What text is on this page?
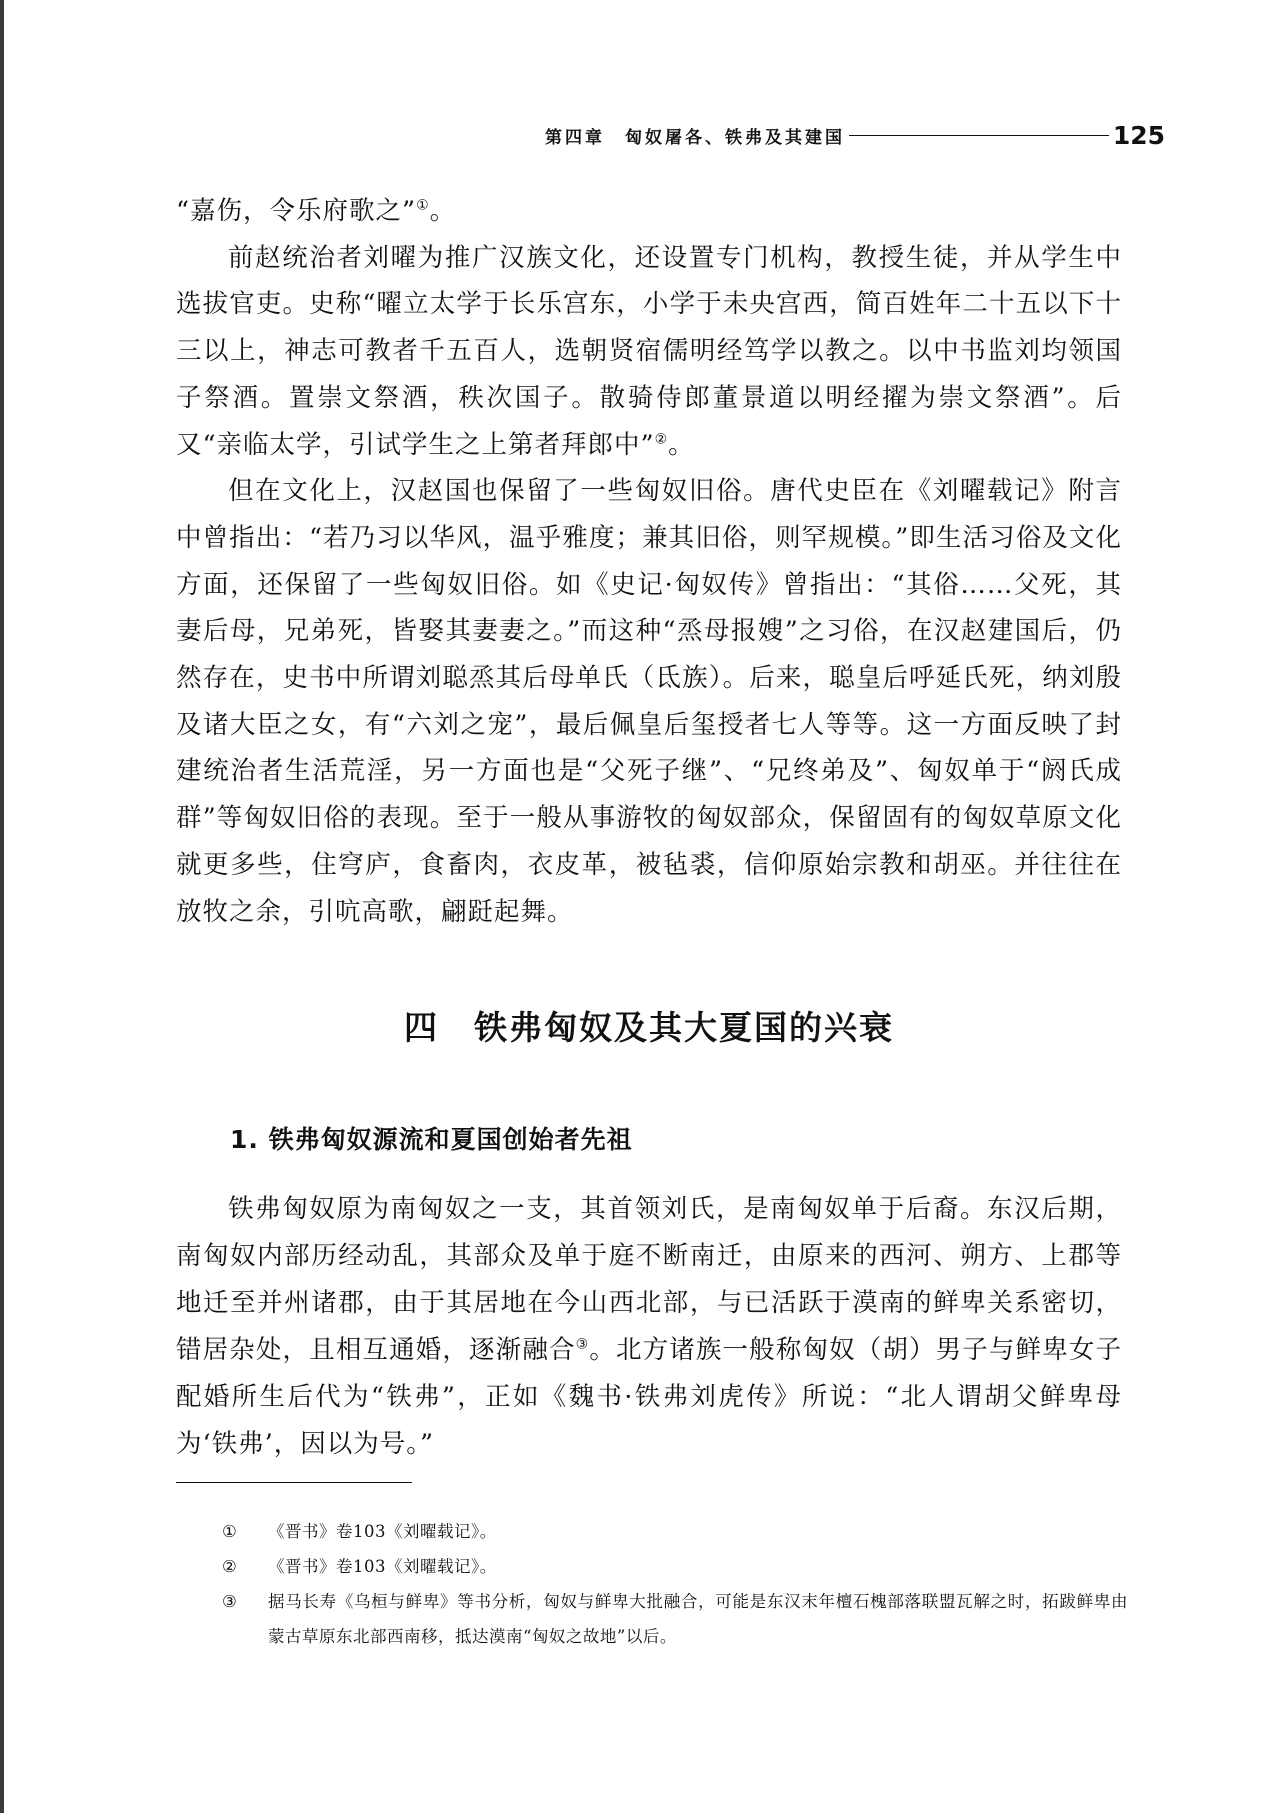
第四章　匈奴屠各、铁弗及其建国	125

“嘉伤，令乐府歌之”①。

前赵统治者刘曜为推广汉族文化，还设置专门机构，教授生徒，并从学生中选拔官吏。史称“曜立太学于长乐宫东，小学于未央宫西，简百姓年二十五以下十三以上，神志可教者千五百人，选朝贤宿儒明经笃学以教之。以中书监刘均领国子祭酒。置崇文祭酒，秩次国子。散骑侍郎董景道以明经擢为崇文祭酒”。后又“亲临太学，引试学生之上第者拜郎中”②。

但在文化上，汉赵国也保留了一些匈奴旧俗。唐代史臣在《刘曜载记》附言中曾指出：“若乃习以华风，温乎雅度；兼其旧俗，则罕规模。”即生活习俗及文化方面，还保留了一些匈奴旧俗。如《史记·匈奴传》曾指出：“其俗……父死，其妻后母，兄弟死，皆娶其妻妻之。”而这种“烝母报嫂”之习俗，在汉赵建国后，仍然存在，史书中所谓刘聪烝其后母单氏（氐族）。后来，聪皇后呼延氏死，纳刘殷及诸大臣之女，有“六刘之宠”，最后佩皇后玺授者七人等等。这一方面反映了封建统治者生活荒淫，另一方面也是“父死子继”、“兄终弟及”、匈奴单于“阏氏成群”等匈奴旧俗的表现。至于一般从事游牧的匈奴部众，保留固有的匈奴草原文化就更多些，住穹庐，食畜肉，衣皮革，被毡裘，信仰原始宗教和胡巫。并往往在放牧之余，引吭高歌，翩跹起舞。

四　铁弗匈奴及其大夏国的兴衰
1. 铁弗匈奴源流和夏国创始者先祖

铁弗匈奴原为南匈奴之一支，其首领刘氏，是南匈奴单于后裔。东汉后期，南匈奴内部历经动乱，其部众及单于庭不断南迁，由原来的西河、朔方、上郡等地迁至并州诸郡，由于其居地在今山西北部，与已活跃于漠南的鲜卑关系密切，错居杂处，且相互通婚，逐渐融合③。北方诸族一般称匈奴（胡）男子与鲜卑女子配婚所生后代为“铁弗”，正如《魏书·铁弗刘虎传》所说：“北人谓胡父鲜卑母为‘铁弗’，因以为号。”

①	《晋书》卷103《刘曜载记》。
②	《晋书》卷103《刘曜载记》。
③	据马长寿《乌桓与鲜卑》等书分析，匈奴与鲜卑大批融合，可能是东汉末年檀石槐部落联盟瓦解之时，拓跋鲜卑由蒙古草原东北部西南移，抵达漠南“匈奴之故地”以后。
